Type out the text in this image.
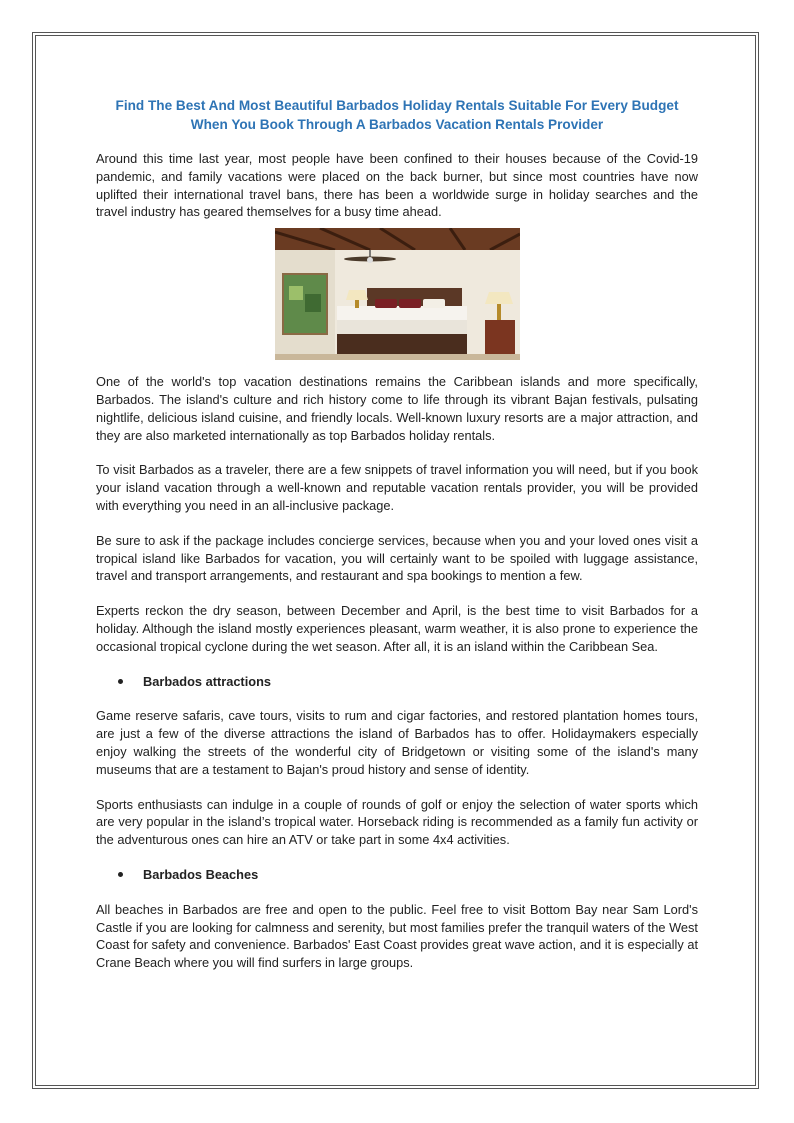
Find The Best And Most Beautiful Barbados Holiday Rentals Suitable For Every Budget
When You Book Through A Barbados Vacation Rentals Provider

Around this time last year, most people have been confined to their houses because of the Covid-19 pandemic, and family vacations were placed on the back burner, but since most countries have now uplifted their international travel bans, there has been a worldwide surge in holiday searches and the travel industry has geared themselves for a busy time ahead.

One of the world's top vacation destinations remains the Caribbean islands and more specifically, Barbados. The island's culture and rich history come to life through its vibrant Bajan festivals, pulsating nightlife, delicious island cuisine, and friendly locals. Well-known luxury resorts are a major attraction, and they are also marketed internationally as top Barbados holiday rentals.

To visit Barbados as a traveler, there are a few snippets of travel information you will need, but if you book your island vacation through a well-known and reputable vacation rentals provider, you will be provided with everything you need in an all-inclusive package.

Be sure to ask if the package includes concierge services, because when you and your loved ones visit a tropical island like Barbados for vacation, you will certainly want to be spoiled with luggage assistance, travel and transport arrangements, and restaurant and spa bookings to mention a few.

Experts reckon the dry season, between December and April, is the best time to visit Barbados for a holiday. Although the island mostly experiences pleasant, warm weather, it is also prone to experience the occasional tropical cyclone during the wet season. After all, it is an island within the Caribbean Sea.

Barbados attractions

Game reserve safaris, cave tours, visits to rum and cigar factories, and restored plantation homes tours, are just a few of the diverse attractions the island of Barbados has to offer. Holidaymakers especially enjoy walking the streets of the wonderful city of Bridgetown or visiting some of the island's many museums that are a testament to Bajan's proud history and sense of identity.

Sports enthusiasts can indulge in a couple of rounds of golf or enjoy the selection of water sports which are very popular in the island’s tropical water. Horseback riding is recommended as a family fun activity or the adventurous ones can hire an ATV or take part in some 4x4 activities.

Barbados Beaches

All beaches in Barbados are free and open to the public. Feel free to visit Bottom Bay near Sam Lord's Castle if you are looking for calmness and serenity, but most families prefer the tranquil waters of the West Coast for safety and convenience. Barbados' East Coast provides great wave action, and it is especially at Crane Beach where you will find surfers in large groups.
